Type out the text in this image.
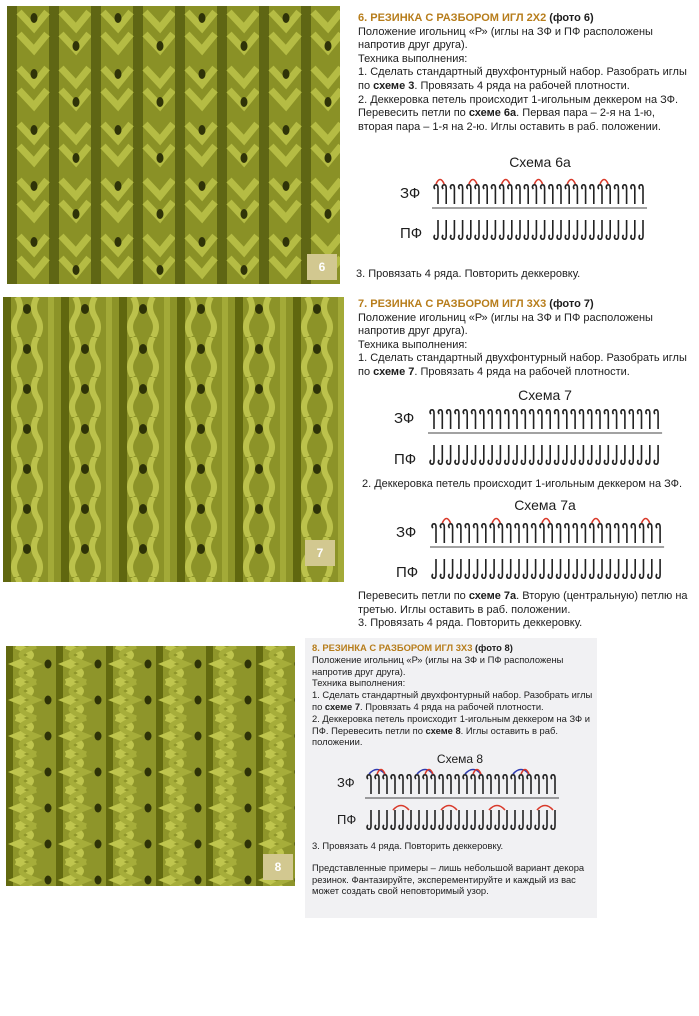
6

6. РЕЗИНКА С РАЗБОРОМ ИГЛ 2Х2 (фото 6)

Положение игольниц «Р» (иглы на ЗФ и ПФ расположены напротив друг друга).

Техника выполнения:

1. Сделать стандартный двухфонтурный набор. Разобрать иглы по схеме 3. Провязать 4 ряда на рабочей плотности.

2. Деккеровка петель происходит 1-игольным деккером на ЗФ. Перевесить петли по схеме 6а. Первая пара – 2-я на 1-ю, вторая пара – 1-я на 2-ю. Иглы оставить в раб. положении.

Схема 6а
ЗФ
ПФ
3. Провязать 4 ряда. Повторить деккеровку.
7

7. РЕЗИНКА С РАЗБОРОМ ИГЛ 3Х3 (фото 7)

Положение игольниц «Р» (иглы на ЗФ и ПФ расположены напротив друг друга).

Техника выполнения:

1. Сделать стандартный двухфонтурный набор. Разобрать иглы по схеме 7. Провязать 4 ряда на рабочей плотности.

Схема 7
ЗФ
ПФ
2. Деккеровка петель происходит 1-игольным деккером на ЗФ.
Схема 7а
ЗФ
ПФ

Перевесить петли по схеме 7а. Вторую (центральную) петлю на третью. Иглы оставить в раб. положении.

3. Провязать 4 ряда. Повторить деккеровку.

8

8. РЕЗИНКА С РАЗБОРОМ ИГЛ 3Х3 (фото 8)

Положение игольниц «Р» (иглы на ЗФ и ПФ расположены напротив друг друга).

Техника выполнения:

1. Сделать стандартный двухфонтурный набор. Разобрать иглы по схеме 7. Провязать 4 ряда на рабочей плотности.

2. Деккеровка петель происходит 1-игольным деккером на ЗФ и ПФ. Перевесить петли по схеме 8. Иглы оставить в раб. положении.

Схема 8
ЗФ
ПФ

3. Провязать 4 ряда. Повторить деккеровку.

Представленные примеры – лишь небольшой вариант декора резинок. Фантазируйте, эксперементируйте и каждый из вас может создать свой неповторимый узор.
